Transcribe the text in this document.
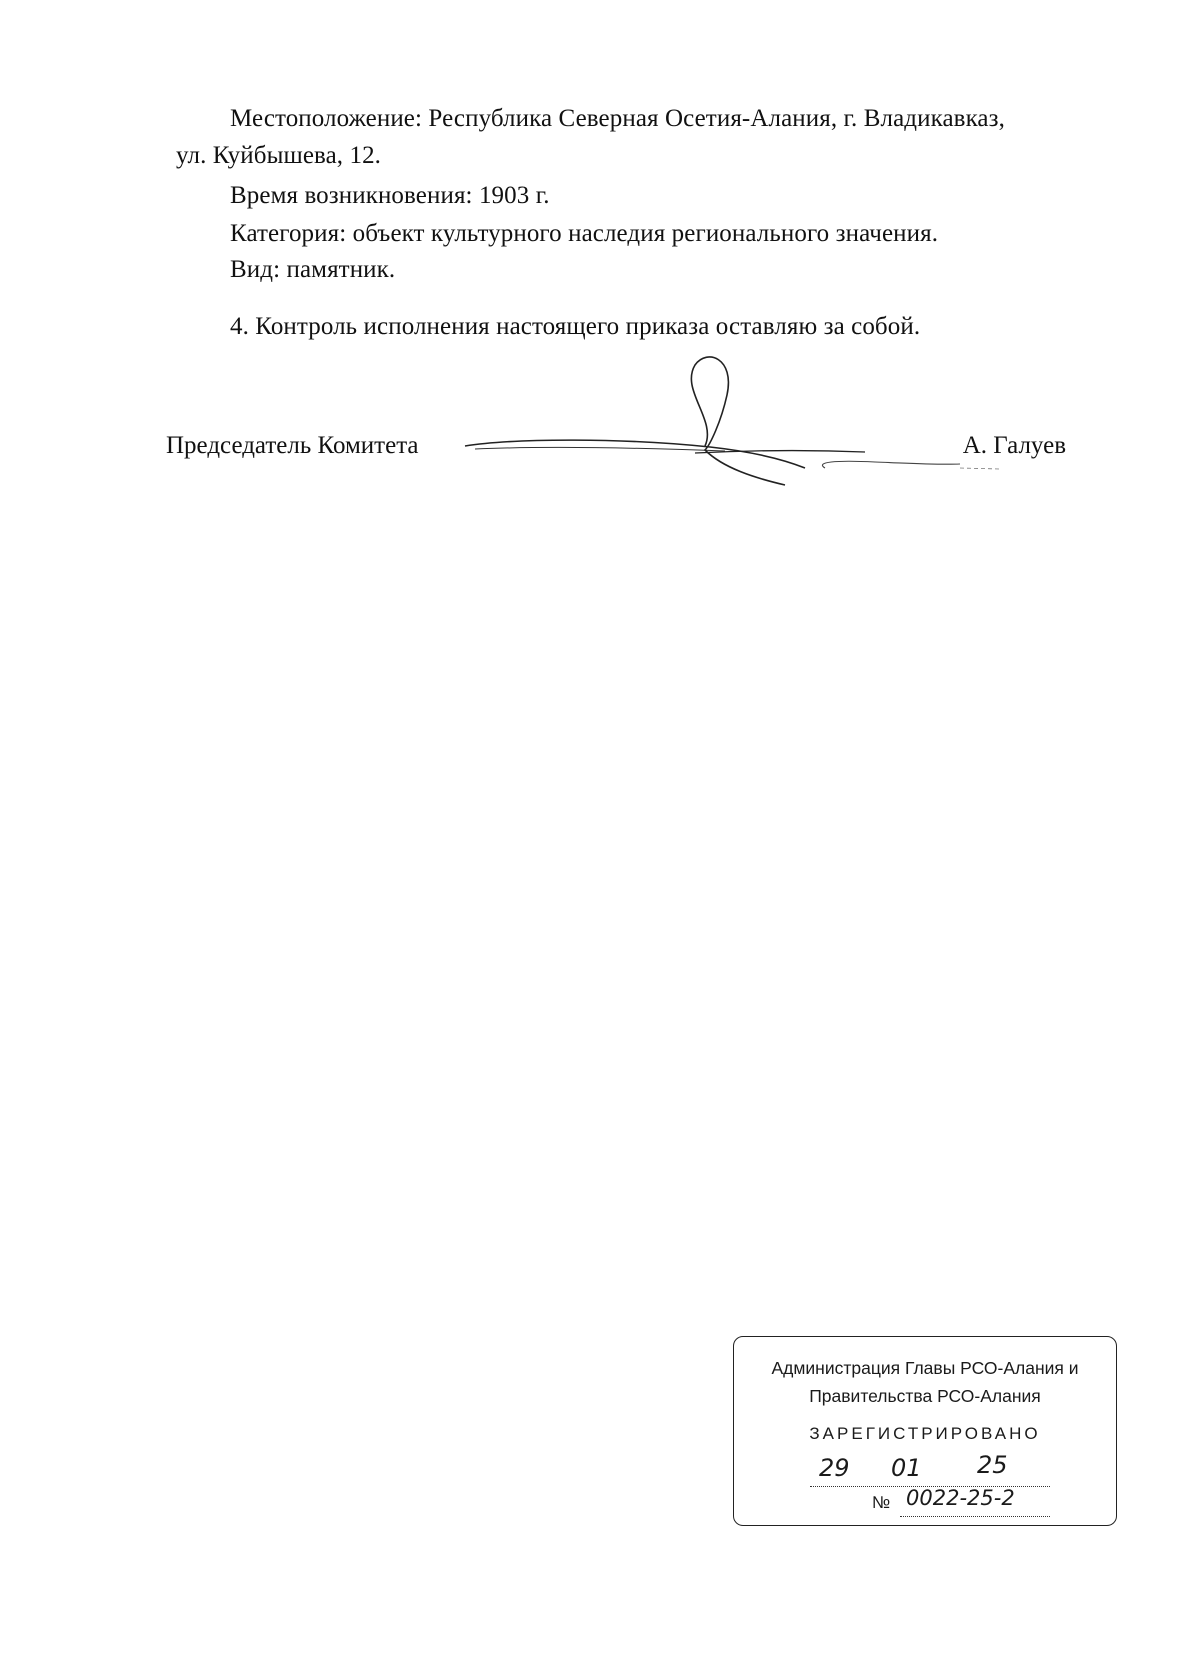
Местоположение: Республика Северная Осетия-Алания, г. Владикавказ,
ул. Куйбышева, 12.
Время возникновения: 1903 г.
Категория: объект культурного наследия регионального значения.
Вид: памятник.
4. Контроль исполнения настоящего приказа оставляю за собой.
Председатель Комитета	А. Галуев
Администрация Главы РСО-Алания и
Правительства РСО-Алания
ЗАРЕГИСТРИРОВАНО
29 01 25
№ 0022-25-2
